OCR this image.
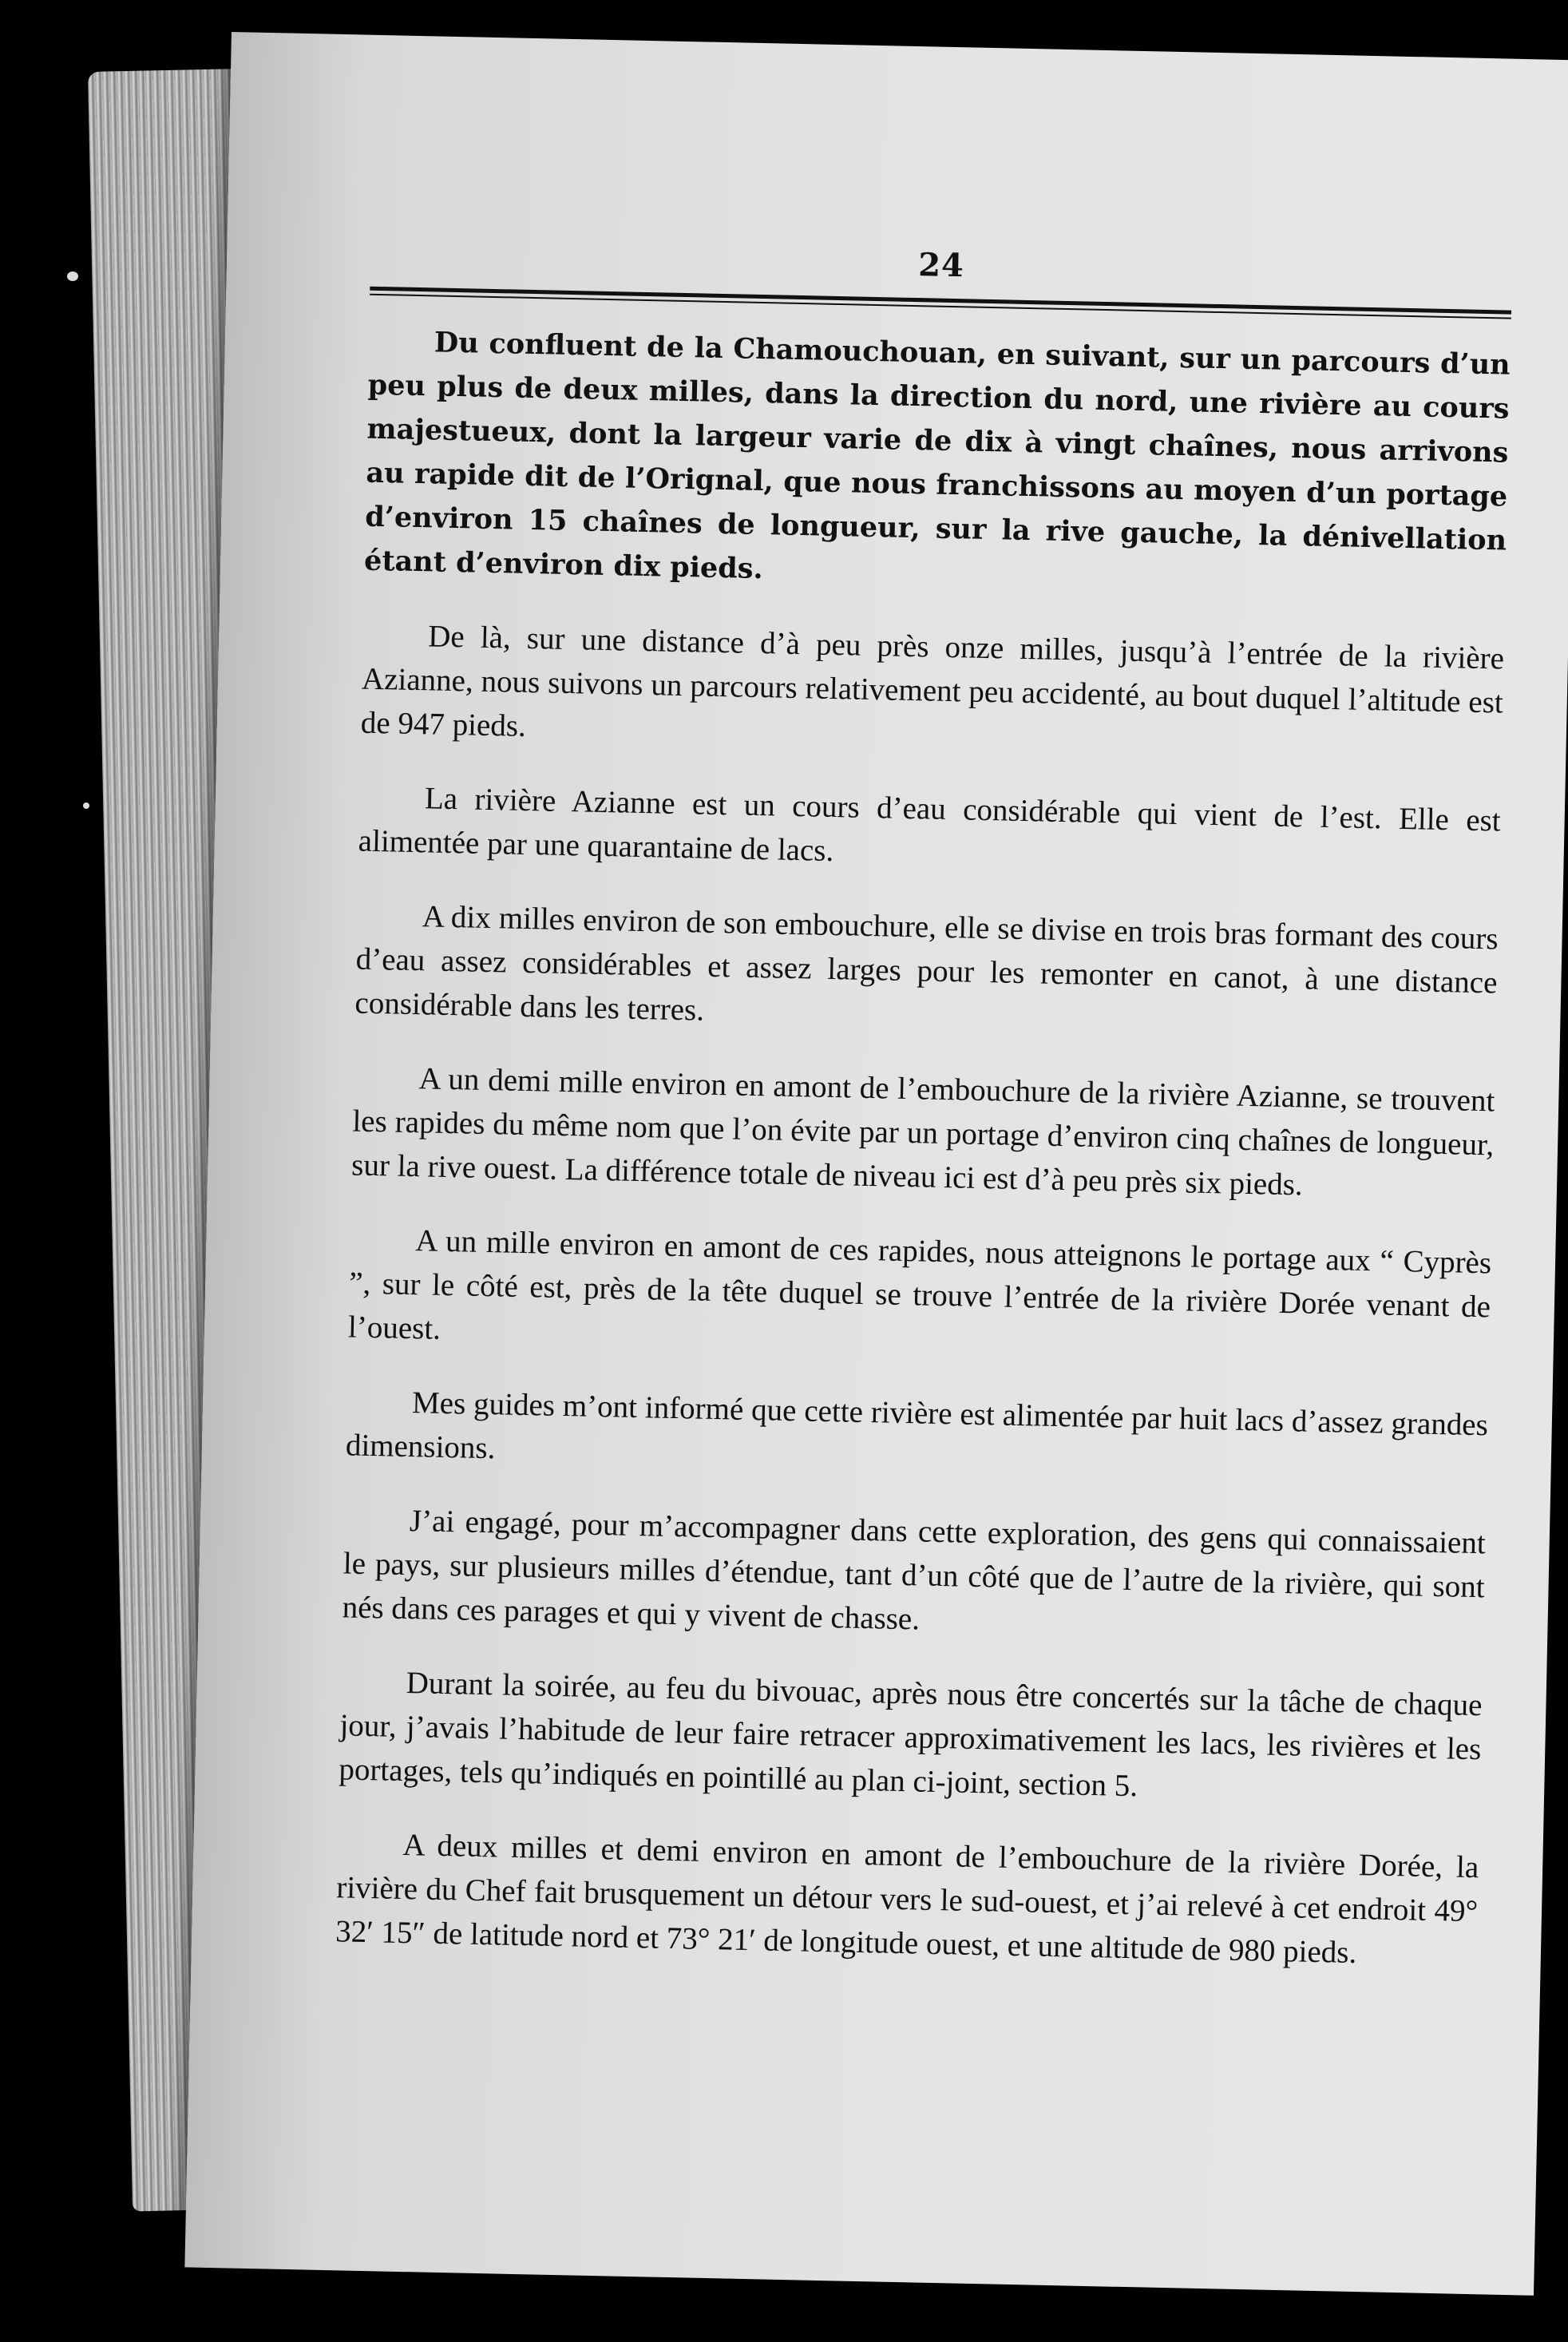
24

Du confluent de la Chamouchouan, en suivant, sur un parcours d’un peu plus de deux milles, dans la direction du nord, une rivière au cours majestueux, dont la largeur varie de dix à vingt chaînes, nous arrivons au rapide dit de l’Orignal, que nous franchissons au moyen d’un portage d’environ 15 chaînes de longueur, sur la rive gauche, la dénivellation étant d’environ dix pieds.

De là, sur une distance d’à peu près onze milles, jusqu’à l’entrée de la rivière Azianne, nous suivons un parcours relativement peu accidenté, au bout duquel l’altitude est de 947 pieds.

La rivière Azianne est un cours d’eau considérable qui vient de l’est. Elle est alimentée par une quarantaine de lacs.

A dix milles environ de son embouchure, elle se divise en trois bras formant des cours d’eau assez considérables et assez larges pour les remonter en canot, à une distance considérable dans les terres.

A un demi mille environ en amont de l’embouchure de la rivière Azianne, se trouvent les rapides du même nom que l’on évite par un portage d’environ cinq chaînes de longueur, sur la rive ouest. La différence totale de niveau ici est d’à peu près six pieds.

A un mille environ en amont de ces rapides, nous atteignons le portage aux “ Cyprès ”, sur le côté est, près de la tête duquel se trouve l’entrée de la rivière Dorée venant de l’ouest.

Mes guides m’ont informé que cette rivière est alimentée par huit lacs d’assez grandes dimensions.

J’ai engagé, pour m’accompagner dans cette exploration, des gens qui connaissaient le pays, sur plusieurs milles d’étendue, tant d’un côté que de l’autre de la rivière, qui sont nés dans ces parages et qui y vivent de chasse.

Durant la soirée, au feu du bivouac, après nous être concertés sur la tâche de chaque jour, j’avais l’habitude de leur faire retracer approximativement les lacs, les rivières et les portages, tels qu’indiqués en pointillé au plan ci-joint, section 5.

A deux milles et demi environ en amont de l’embouchure de la rivière Dorée, la rivière du Chef fait brusquement un détour vers le sud-ouest, et j’ai relevé à cet endroit 49° 32′ 15″ de latitude nord et 73° 21′ de longitude ouest, et une altitude de 980 pieds.
